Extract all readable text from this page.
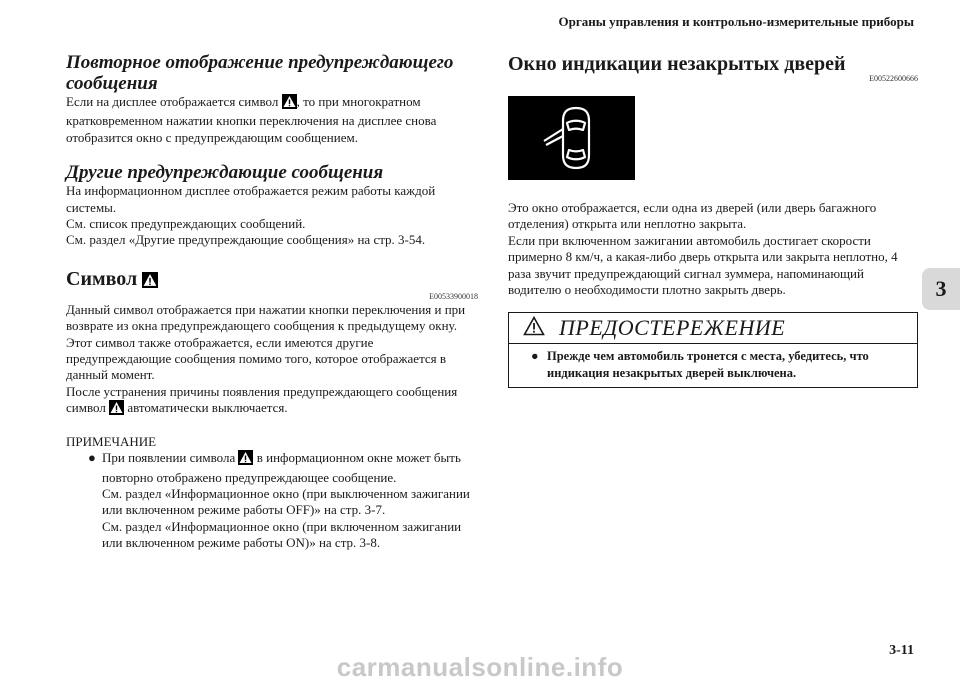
Органы управления и контрольно-измерительные приборы
3
Повторное отображение предупреждающего сообщения

Если на дисплее отображается символ , то при многократном кратковременном нажатии кнопки переключения на дисплее снова отобразится окно с предупреждающим сообщением.

Другие предупреждающие сообщения

На информационном дисплее отображается режим работы каждой системы.

См. список предупреждающих сообщений.

См. раздел «Другие предупреждающие сообщения» на стр. 3-54.

Символ
E00533900018

Данный символ отображается при нажатии кнопки переключения и при возврате из окна предупреждающего сообщения к предыдущему окну.

Этот символ также отображается, если имеются другие предупреждающие сообщения помимо того, которое отображается в данный момент.

После устранения причины появления предупреждающего сообщения символ  автоматически выключается.

ПРИМЕЧАНИЕ
● При появлении символа  в информационном окне может быть повторно отображено предупреждающее сообщение.
См. раздел «Информационное окно (при выключенном зажигании или включенном режиме работы OFF)» на стр. 3-7.
См. раздел «Информационное окно (при включенном зажигании или включенном режиме работы ON)» на стр. 3-8.
Окно индикации незакрытых дверей
E00522600666

Это окно отображается, если одна из дверей (или дверь багажного отделения) открыта или неплотно закрыта.

Если при включенном зажигании автомобиль достигает скорости примерно 8 км/ч, а какая-либо дверь открыта или закрыта неплотно, 4 раза звучит предупреждающий сигнал зуммера, напоминающий водителю о необходимости плотно закрыть дверь.

ПРЕДОСТЕРЕЖЕНИЕ
● Прежде чем автомобиль тронется с места, убедитесь, что индикация незакрытых дверей выключена.
3-11
carmanualsonline.info
